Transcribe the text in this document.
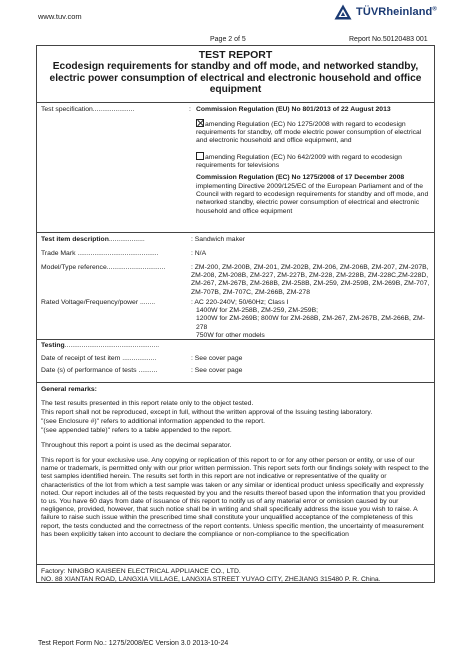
www.tuv.com	TÜVRheinland®
Page 2 of 5	Report No.50120483 001
TEST REPORT
Ecodesign requirements for standby and off mode, and networked standby, electric power consumption of electrical and electronic household and office equipment
Test specification......................	: Commission Regulation (EU) No 801/2013 of 22 August 2013
amending Regulation (EC) No 1275/2008 with regard to ecodesign requirements for standby, off mode electric power consumption of electrical and electronic household and office equipment, and
amending Regulation (EC) No 642/2009 with regard to ecodesign requirements for televisions
Commission Regulation (EC) No 1275/2008 of 17 December 2008
implementing Directive 2009/125/EC of the European Parliament and of the Council with regard to ecodesign requirements for standby and off mode, and networked standby, electric power consumption of electrical and electronic household and office equipment
Test item description...................	: Sandwich maker
Trade Mark ...........................................	: N/A
Model/Type reference...............................	: ZM-200, ZM-200B, ZM-201, ZM-202B, ZM-206, ZM-206B, ZM-207, ZM-207B, ZM-208, ZM-208B, ZM-227, ZM-227B, ZM-228, ZM-228B, ZM-228C,ZM-228D, ZM-267, ZM-267B, ZM-268B, ZM-258B, ZM-259, ZM-259B, ZM-269B, ZM-707, ZM-707B, ZM-707C, ZM-266B, ZM-278
Rated Voltage/Frequency/power ........	: AC 220-240V; 50/60Hz; Class I
1400W for ZM-258B, ZM-259, ZM-259B;
1200W for ZM-269B; 800W for ZM-268B, ZM-267, ZM-267B, ZM-266B, ZM-278
750W for other models
Testing..................................................
Date of receipt of test item ..................	: See cover page
Date (s) of performance of tests ..........	: See cover page
General remarks:
The test results presented in this report relate only to the object tested.
This report shall not be reproduced, except in full, without the written approval of the Issuing testing laboratory.
"(see Enclosure #)" refers to additional information appended to the report.
"(see appended table)" refers to a table appended to the report.
Throughout this report a point is used as the decimal separator.
This report is for your exclusive use. Any copying or replication of this report to or for any other person or entity, or use of our name or trademark, is permitted only with our prior written permission. This report sets forth our findings solely with respect to the test samples identified herein. The results set forth in this report are not indicative or representative of the quality or characteristics of the lot from which a test sample was taken or any similar or identical product unless specifically and expressly noted. Our report includes all of the tests requested by you and the results thereof based upon the information that you provided to us. You have 60 days from date of issuance of this report to notify us of any material error or omission caused by our negligence, provided, however, that such notice shall be in writing and shall specifically address the issue you wish to raise. A failure to raise such issue within the prescribed time shall constitute your unqualified acceptance of the completeness of this report, the tests conducted and the correctness of the report contents. Unless specific mention, the uncertainty of measurement has been explicitly taken into account to declare the compliance or non-compliance to the specification
Factory: NINGBO KAISEEN ELECTRICAL APPLIANCE CO., LTD.
NO. 88 XIANTAN ROAD, LANGXIA VILLAGE, LANGXIA STREET YUYAO CITY, ZHEJIANG 315480 P. R. China.
Test Report Form No.: 1275/2008/EC Version 3.0 2013-10-24
